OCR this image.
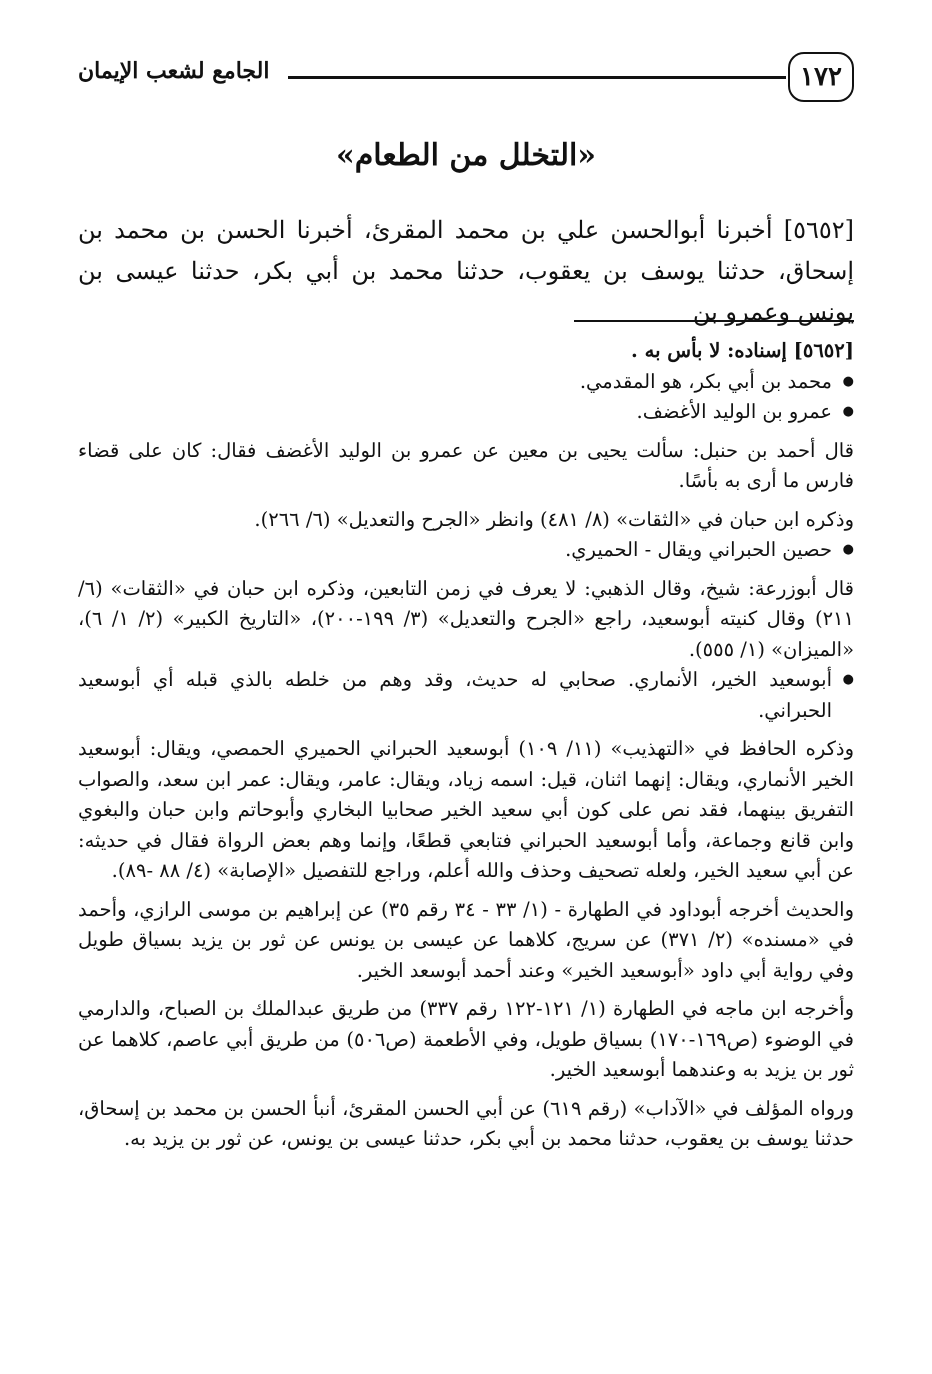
١٧٢
الجامع لشعب الإيمان
«التخلل من الطعام»

[٥٦٥٢] أخبرنا أبوالحسن علي بن محمد المقرئ، أخبرنا الحسن بن محمد بن إسحاق، حدثنا يوسف بن يعقوب، حدثنا محمد بن أبي بكر، حدثنا عيسى بن يونس وعمرو بن

[٥٦٥٢] إسناده: لا بأس به .

● محمد بن أبي بكر، هو المقدمي.

● عمرو بن الوليد الأغضف.

قال أحمد بن حنبل: سألت يحيى بن معين عن عمرو بن الوليد الأغضف فقال: كان على قضاء فارس ما أرى به بأسًا.

وذكره ابن حبان في «الثقات» (٨/ ٤٨١) وانظر «الجرح والتعديل» (٦/ ٢٦٦).

● حصين الحبراني ويقال - الحميري.

قال أبوزرعة: شيخ، وقال الذهبي: لا يعرف في زمن التابعين، وذكره ابن حبان في «الثقات» (٦/ ٢١١) وقال كنيته أبوسعيد، راجع «الجرح والتعديل» (٣/ ١٩٩-٢٠٠)، «التاريخ الكبير» (٢/ ١/ ٦)، «الميزان» (١/ ٥٥٥).

● أبوسعيد الخير، الأنماري. صحابي له حديث، وقد وهم من خلطه بالذي قبله أي أبوسعيد الحبراني.

وذكره الحافظ في «التهذيب» (١١/ ١٠٩) أبوسعيد الحبراني الحميري الحمصي، ويقال: أبوسعيد الخير الأنماري، ويقال: إنهما اثنان، قيل: اسمه زياد، ويقال: عامر، ويقال: عمر ابن سعد، والصواب التفريق بينهما، فقد نص على كون أبي سعيد الخير صحابيا البخاري وأبوحاتم وابن حبان والبغوي وابن قانع وجماعة، وأما أبوسعيد الحبراني فتابعي قطعًا، وإنما وهم بعض الرواة فقال في حديثه: عن أبي سعيد الخير، ولعله تصحيف وحذف والله أعلم، وراجع للتفصيل «الإصابة» (٤/ ٨٨ -٨٩).

والحديث أخرجه أبوداود في الطهارة - (١/ ٣٣ - ٣٤ رقم ٣٥) عن إبراهيم بن موسى الرازي، وأحمد في «مسنده» (٢/ ٣٧١) عن سريج، كلاهما عن عيسى بن يونس عن ثور بن يزيد بسياق طويل وفي رواية أبي داود «أبوسعيد الخير» وعند أحمد أبوسعد الخير.

وأخرجه ابن ماجه في الطهارة (١/ ١٢١-١٢٢ رقم ٣٣٧) من طريق عبدالملك بن الصباح، والدارمي في الوضوء (ص١٦٩-١٧٠) بسياق طويل، وفي الأطعمة (ص٥٠٦) من طريق أبي عاصم، كلاهما عن ثور بن يزيد به وعندهما أبوسعيد الخير.

ورواه المؤلف في «الآداب» (رقم ٦١٩) عن أبي الحسن المقرئ، أنبأ الحسن بن محمد بن إسحاق، حدثنا يوسف بن يعقوب، حدثنا محمد بن أبي بكر، حدثنا عيسى بن يونس، عن ثور بن يزيد به.
